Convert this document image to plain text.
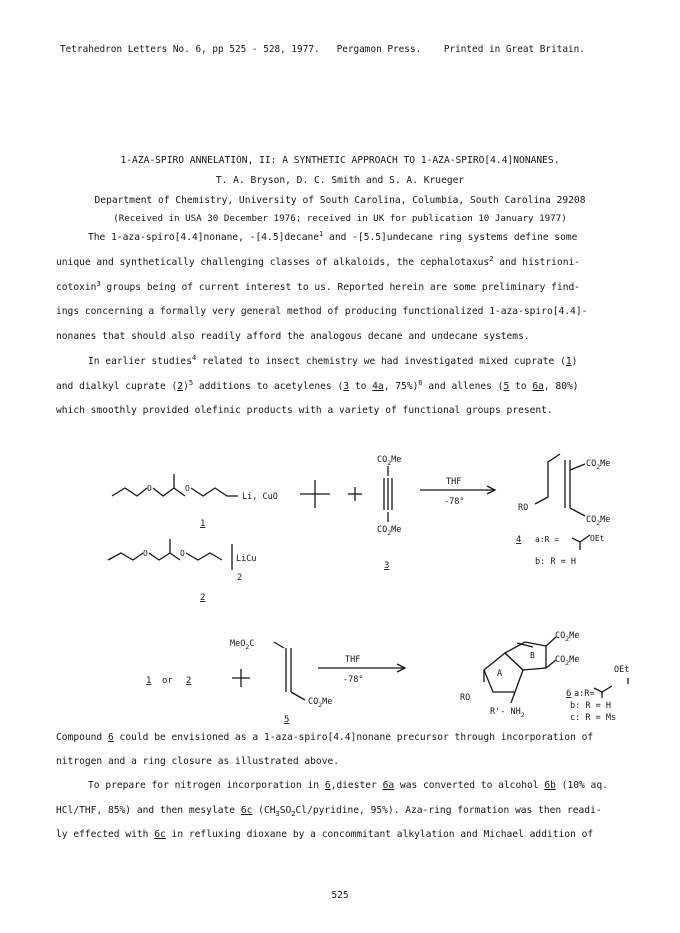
Tetrahedron Letters No. 6, pp 525 - 528, 1977. Pergamon Press. Printed in Great Britain.
1-AZA-SPIRO ANNELATION, II: A SYNTHETIC APPROACH TO 1-AZA-SPIRO[4.4]NONANES.
T. A. Bryson, D. C. Smith and S. A. Krueger
Department of Chemistry, University of South Carolina, Columbia, South Carolina 29208
(Received in USA 30 December 1976; received in UK for publication 10 January 1977)
The 1-aza-spiro[4.4]nonane, -[4.5]decane$^1$ and -[5.5]undecane ring systems define some
unique and synthetically challenging classes of alkaloids, the cephalotaxus$^2$ and histrioni-
cotoxin$^3$ groups being of current interest to us. Reported herein are some preliminary find-
ings concerning a formally very general method of producing functionalized 1-aza-spiro[4.4]-
nonanes that should also readily afford the analogous decane and undecane systems.
In earlier studies$^4$ related to insect chemistry we had investigated mixed cuprate (1)
and dialkyl cuprate $(2)^5$ additions to acetylenes (3 to 4a, 75%)$^6$ and allenes (5 to 6a, 80%)
which smoothly provided olefinic products with a variety of functional groups present.
O	O
O	O
Li, CuO
LiCu
2
1
2
$CO_2Me$
$CO_2Me$
3
THF
-78°
RO
$CO_2Me$
$CO_2Me$
4 a:R =	OEt
b: R = H
MeO$_2$C
1 or 2
$CO_2Me$
5
THF
-78°
A
B
$CO_2Me$
$CO_2Me$
RO
R'- $NH_2$
OEt
6 a:R=
b: R = H
c: R = Ms
Compound 6 could be envisioned as a 1-aza-spiro[4.4]nonane precursor through incorporation of
nitrogen and a ring closure as illustrated above.
To prepare for nitrogen incorporation in 6,diester 6a was converted to alcohol 6b (10% aq.
HCl/THF, 85%) and then mesylate 6c ($CH_3SO_2Cl$/pyridine, 95%). Aza-ring formation was then readi-
ly effected with 6c in refluxing dioxane by a concommitant alkylation and Michael addition of
525
